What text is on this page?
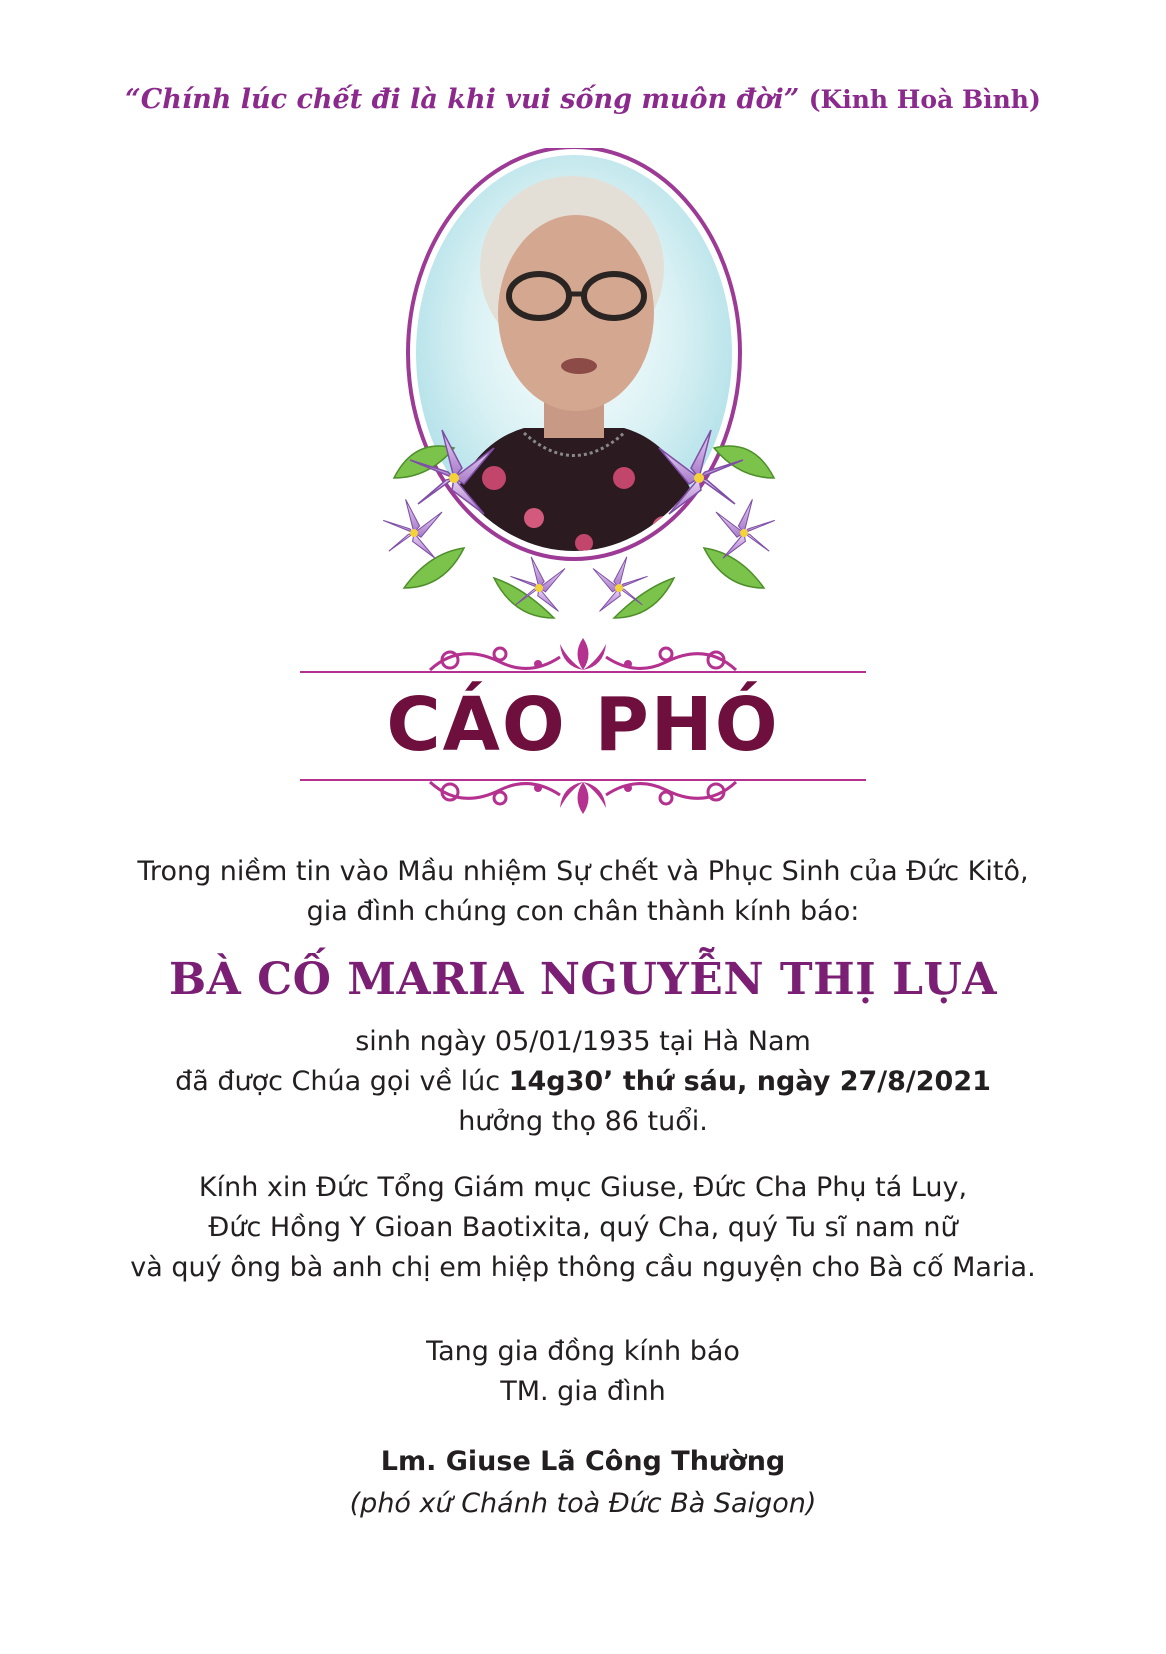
“Chính lúc chết đi là khi vui sống muôn đời” (Kinh Hoà Bình)
CÁO PHÓ
Trong niềm tin vào Mầu nhiệm Sự chết và Phục Sinh của Đức Kitô,
gia đình chúng con chân thành kính báo:
BÀ CỐ MARIA NGUYỄN THỊ LỤA
sinh ngày 05/01/1935 tại Hà Nam
đã được Chúa gọi về lúc 14g30’ thứ sáu, ngày 27/8/2021
hưởng thọ 86 tuổi.
Kính xin Đức Tổng Giám mục Giuse, Đức Cha Phụ tá Luy,
Đức Hồng Y Gioan Baotixita, quý Cha, quý Tu sĩ nam nữ
và quý ông bà anh chị em hiệp thông cầu nguyện cho Bà cố Maria.
Tang gia đồng kính báo
TM. gia đình
Lm. Giuse Lã Công Thường
(phó xứ Chánh toà Đức Bà Saigon)
